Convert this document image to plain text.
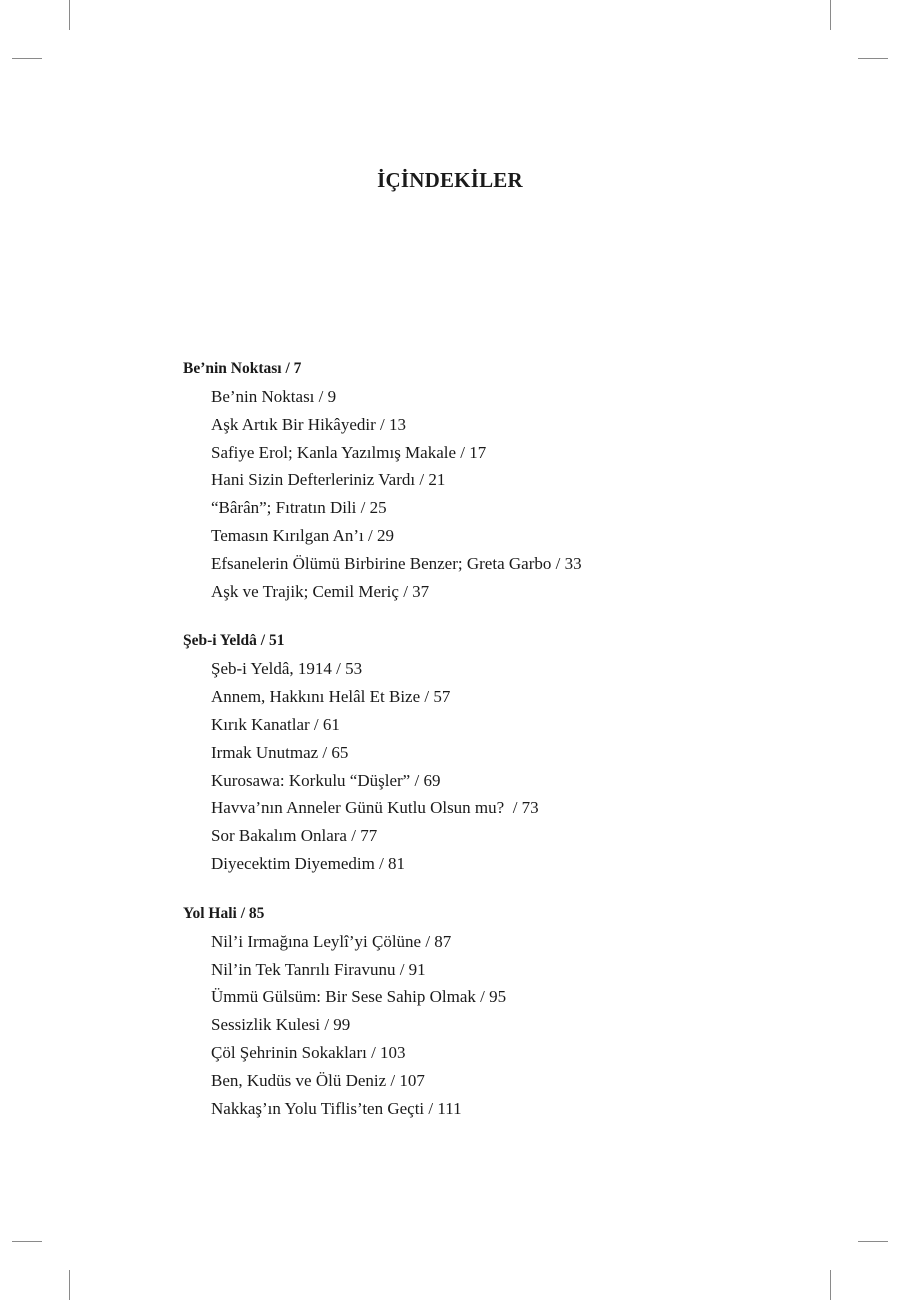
İÇİNDEKİLER
Be’nin Noktası / 7
Be’nin Noktası / 9
Aşk Artık Bir Hikâyedir / 13
Safiye Erol; Kanla Yazılmış Makale / 17
Hani Sizin Defterleriniz Vardı / 21
“Bârân”; Fıtratın Dili / 25
Temasın Kırılgan An’ı / 29
Efsanelerin Ölümü Birbirine Benzer; Greta Garbo / 33
Aşk ve Trajik; Cemil Meriç / 37
Şeb-i Yeldâ / 51
Şeb-i Yeldâ, 1914 / 53
Annem, Hakkını Helâl Et Bize / 57
Kırık Kanatlar / 61
Irmak Unutmaz / 65
Kurosawa: Korkulu “Düşler” / 69
Havva’nın Anneler Günü Kutlu Olsun mu?  / 73
Sor Bakalım Onlara / 77
Diyecektim Diyemedim / 81
Yol Hali / 85
Nil’i Irmağına Leylî’yi Çölüne / 87
Nil’in Tek Tanrılı Firavunu / 91
Ümmü Gülsüm: Bir Sese Sahip Olmak / 95
Sessizlik Kulesi / 99
Çöl Şehrinin Sokakları / 103
Ben, Kudüs ve Ölü Deniz / 107
Nakkaş’ın Yolu Tiflis’ten Geçti / 111
